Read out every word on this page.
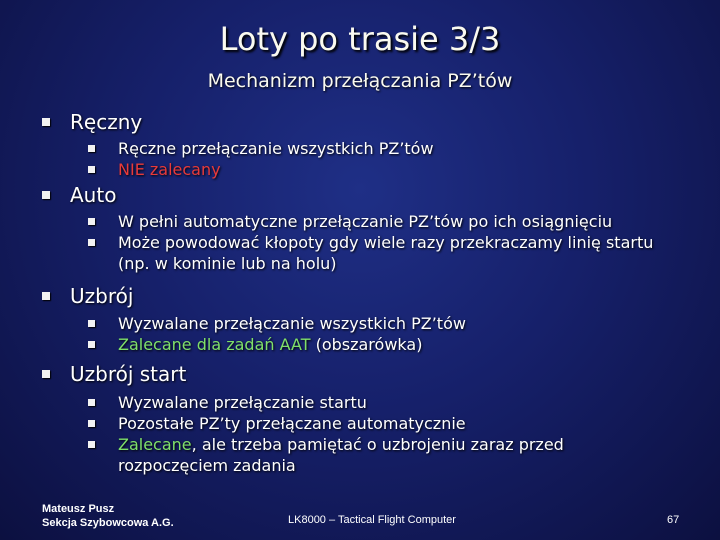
Loty po trasie 3/3
Mechanizm przełączania PZ’tów
Ręczny
Ręczne przełączanie wszystkich PZ’tów
NIE zalecany
Auto
W pełni automatyczne przełączanie PZ’tów po ich osiągnięciu
Może powodować kłopoty gdy wiele razy przekraczamy linię startu (np. w kominie lub na holu)
Uzbrój
Wyzwalane przełączanie wszystkich PZ’tów
Zalecane dla zadań AAT (obszarówka)
Uzbrój start
Wyzwalane przełączanie startu
Pozostałe PZ’ty przełączane automatycznie
Zalecane, ale trzeba pamiętać o uzbrojeniu zaraz przed rozpoczęciem zadania
Mateusz Pusz
Sekcja Szybowcowa A.G.	LK8000 – Tactical Flight Computer	67
